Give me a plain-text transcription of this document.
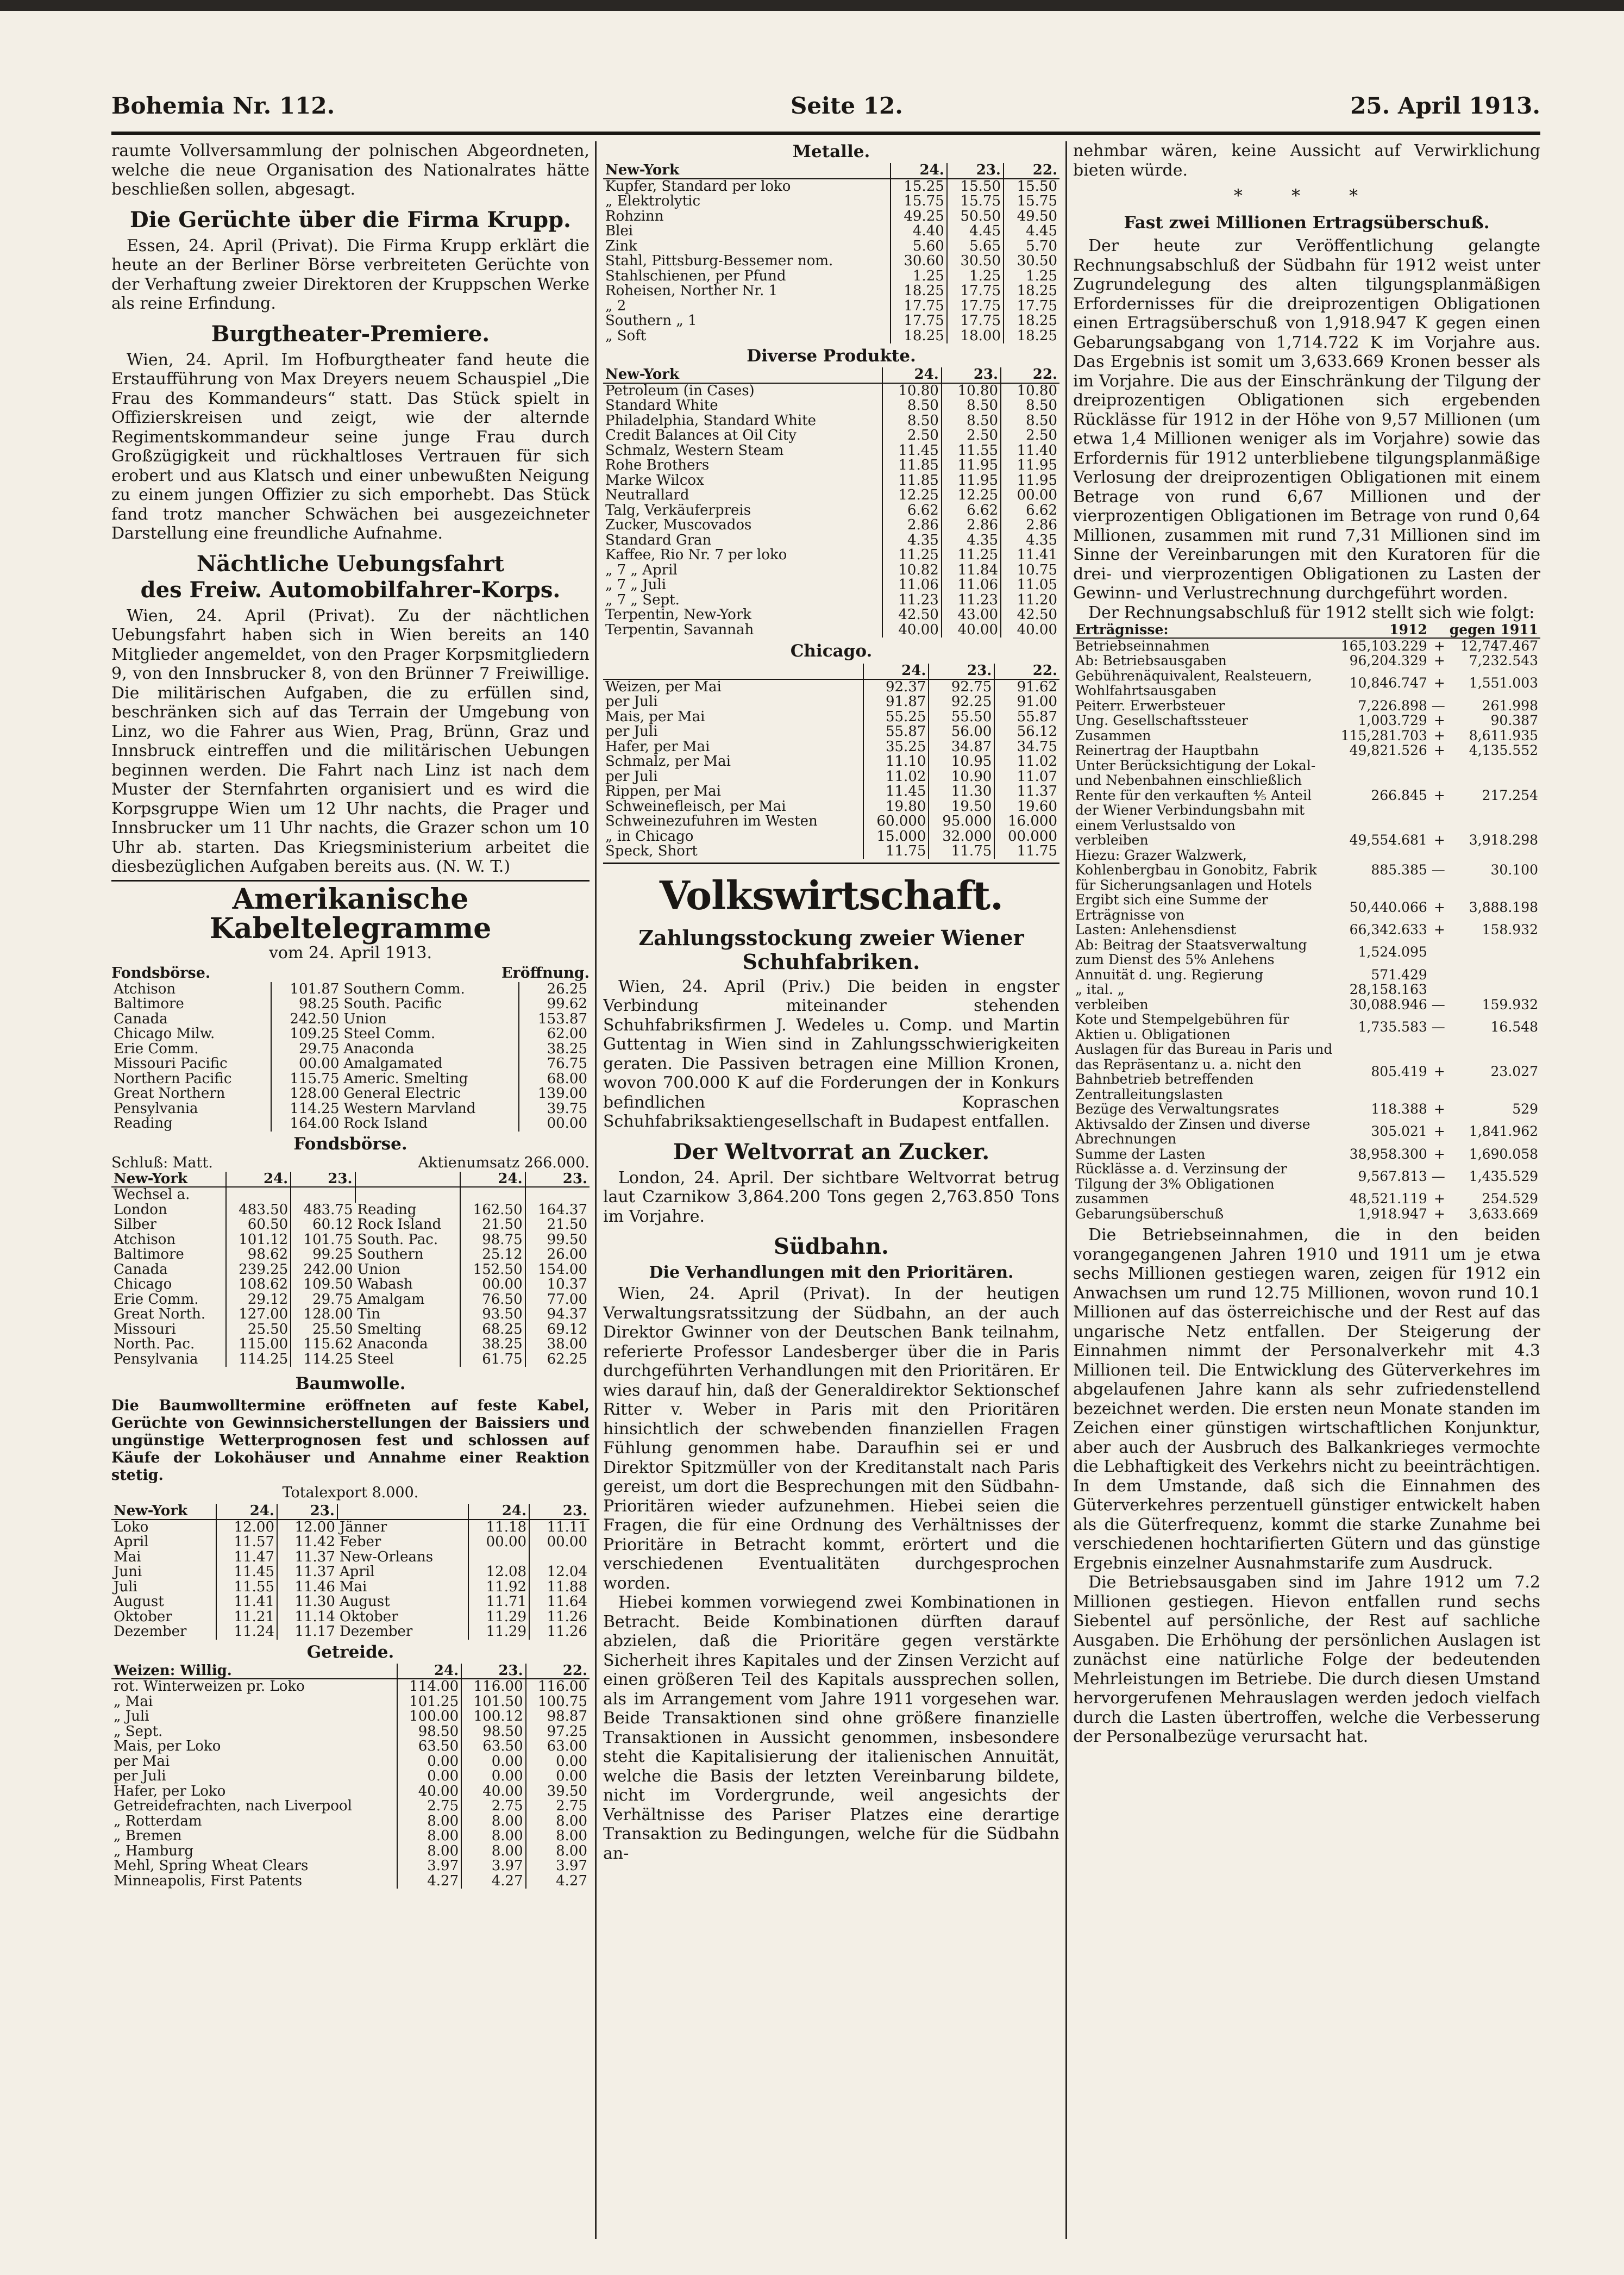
Bohemia Nr. 112.	Seite 12.	25. April 1913.

raumte Vollversammlung der polnischen Abgeordneten, welche die neue Organisation des Nationalrates hätte beschließen sollen, abgesagt.

Die Gerüchte über die Firma Krupp.

Essen, 24. April (Privat). Die Firma Krupp erklärt die heute an der Berliner Börse verbreiteten Gerüchte von der Verhaftung zweier Direktoren der Kruppschen Werke als reine Erfindung.

Burgtheater-Premiere.

Wien, 24. April. Im Hofburgtheater fand heute die Erstaufführung von Max Dreyers neuem Schauspiel „Die Frau des Kommandeurs“ statt. Das Stück spielt in Offizierskreisen und zeigt, wie der alternde Regimentskommandeur seine junge Frau durch Großzügigkeit und rückhaltloses Vertrauen für sich erobert und aus Klatsch und einer unbewußten Neigung zu einem jungen Offizier zu sich emporhebt. Das Stück fand trotz mancher Schwächen bei ausgezeichneter Darstellung eine freundliche Aufnahme.

Nächtliche Uebungsfahrt
des Freiw. Automobilfahrer-Korps.

Wien, 24. April (Privat). Zu der nächtlichen Uebungsfahrt haben sich in Wien bereits an 140 Mitglieder angemeldet, von den Prager Korpsmitgliedern 9, von den Innsbrucker 8, von den Brünner 7 Freiwillige. Die militärischen Aufgaben, die zu erfüllen sind, beschränken sich auf das Terrain der Umgebung von Linz, wo die Fahrer aus Wien, Prag, Brünn, Graz und Innsbruck eintreffen und die militärischen Uebungen beginnen werden. Die Fahrt nach Linz ist nach dem Muster der Sternfahrten organisiert und es wird die Korpsgruppe Wien um 12 Uhr nachts, die Prager und Innsbrucker um 11 Uhr nachts, die Grazer schon um 10 Uhr ab. starten. Das Kriegsministerium arbeitet die diesbezüglichen Aufgaben bereits aus. (N. W. T.)

Amerikanische Kabeltelegramme
vom 24. April 1913.
Fondsbörse.	Eröffnung.
Atchison	101.87	Southern Comm.	26.25
Baltimore	98.25	South. Pacific	99.62
Canada	242.50	Union	153.87
Chicago Milw.	109.25	Steel Comm.	62.00
Erie Comm.	29.75	Anaconda	38.25
Missouri Pacific	00.00	Amalgamated	76.75
Northern Pacific	115.75	Americ. Smelting	68.00
Great Northern	128.00	General Electric	139.00
Pensylvania	114.25	Western Marvland	39.75
Reading	164.00	Rock Island	00.00
Fondsbörse.
Schluß: Matt.	Aktienumsatz 266.000.
New-York	24.	23.		24.	23.
Wechsel a.					
London	483.50	483.75	Reading	162.50	164.37
Silber	60.50	60.12	Rock Island	21.50	21.50
Atchison	101.12	101.75	South. Pac.	98.75	99.50
Baltimore	98.62	99.25	Southern	25.12	26.00
Canada	239.25	242.00	Union	152.50	154.00
Chicago	108.62	109.50	Wabash	00.00	10.37
Erie Comm.	29.12	29.75	Amalgam	76.50	77.00
Great North.	127.00	128.00	Tin	93.50	94.37
Missouri	25.50	25.50	Smelting	68.25	69.12
North. Pac.	115.00	115.62	Anaconda	38.25	38.00
Pensylvania	114.25	114.25	Steel	61.75	62.25
Baumwolle.

Die Baumwolltermine eröffneten auf feste Kabel, Gerüchte von Gewinnsicherstellungen der Baissiers und ungünstige Wetterprognosen fest und schlossen auf Käufe der Lokohäuser und Annahme einer Reaktion stetig.

Totalexport 8.000.
New-York	24.	23.		24.	23.
Loko	12.00	12.00	Jänner	11.18	11.11
April	11.57	11.42	Feber	00.00	00.00
Mai	11.47	11.37	New-Orleans		
Juni	11.45	11.37	April	12.08	12.04
Juli	11.55	11.46	Mai	11.92	11.88
August	11.41	11.30	August	11.71	11.64
Oktober	11.21	11.14	Oktober	11.29	11.26
Dezember	11.24	11.17	Dezember	11.29	11.26
Getreide.
Weizen: Willig.	24.	23.	22.
rot. Winterweizen pr. Loko	114.00	116.00	116.00
„ Mai	101.25	101.50	100.75
„ Juli	100.00	100.12	98.87
„ Sept.	98.50	98.50	97.25
Mais, per Loko	63.50	63.50	63.00
per Mai	0.00	0.00	0.00
per Juli	0.00	0.00	0.00
Hafer, per Loko	40.00	40.00	39.50
Getreidefrachten, nach Liverpool	2.75	2.75	2.75
„ Rotterdam	8.00	8.00	8.00
„ Bremen	8.00	8.00	8.00
„ Hamburg	8.00	8.00	8.00
Mehl, Spring Wheat Clears	3.97	3.97	3.97
Minneapolis, First Patents	4.27	4.27	4.27
Metalle.
New-York	24.	23.	22.
Kupfer, Standard per loko	15.25	15.50	15.50
„ Elektrolytic	15.75	15.75	15.75
Rohzinn	49.25	50.50	49.50
Blei	4.40	4.45	4.45
Zink	5.60	5.65	5.70
Stahl, Pittsburg-Bessemer nom.	30.60	30.50	30.50
Stahlschienen, per Pfund	1.25	1.25	1.25
Roheisen, Norther Nr. 1	18.25	17.75	18.25
„ 2	17.75	17.75	17.75
Southern „ 1	17.75	17.75	18.25
„ Soft	18.25	18.00	18.25
Diverse Produkte.
New-York	24.	23.	22.
Petroleum (in Cases)	10.80	10.80	10.80
Standard White	8.50	8.50	8.50
Philadelphia, Standard White	8.50	8.50	8.50
Credit Balances at Oil City	2.50	2.50	2.50
Schmalz, Western Steam	11.45	11.55	11.40
Rohe Brothers	11.85	11.95	11.95
Marke Wilcox	11.85	11.95	11.95
Neutrallard	12.25	12.25	00.00
Talg, Verkäuferpreis	6.62	6.62	6.62
Zucker, Muscovados	2.86	2.86	2.86
Standard Gran	4.35	4.35	4.35
Kaffee, Rio Nr. 7 per loko	11.25	11.25	11.41
„ 7 „ April	10.82	11.84	10.75
„ 7 „ Juli	11.06	11.06	11.05
„ 7 „ Sept.	11.23	11.23	11.20
Terpentin, New-York	42.50	43.00	42.50
Terpentin, Savannah	40.00	40.00	40.00
Chicago.
	24.	23.	22.
Weizen, per Mai	92.37	92.75	91.62
per Juli	91.87	92.25	91.00
Mais, per Mai	55.25	55.50	55.87
per Juli	55.87	56.00	56.12
Hafer, per Mai	35.25	34.87	34.75
Schmalz, per Mai	11.10	10.95	11.02
per Juli	11.02	10.90	11.07
Rippen, per Mai	11.45	11.30	11.37
Schweinefleisch, per Mai	19.80	19.50	19.60
Schweinezufuhren im Westen	60.000	95.000	16.000
„ in Chicago	15.000	32.000	00.000
Speck, Short	11.75	11.75	11.75
Volkswirtschaft.
Zahlungsstockung zweier Wiener Schuhfabriken.

Wien, 24. April (Priv.) Die beiden in engster Verbindung miteinander stehenden Schuhfabriksfirmen J. Wedeles u. Comp. und Martin Guttentag in Wien sind in Zahlungsschwierigkeiten geraten. Die Passiven betragen eine Million Kronen, wovon 700.000 K auf die Forderungen der in Konkurs befindlichen Kopraschen Schuhfabriksaktiengesellschaft in Budapest entfallen.

Der Weltvorrat an Zucker.

London, 24. April. Der sichtbare Weltvorrat betrug laut Czarnikow 3,864.200 Tons gegen 2,763.850 Tons im Vorjahre.

Südbahn.
Die Verhandlungen mit den Prioritären.

Wien, 24. April (Privat). In der heutigen Verwaltungsratssitzung der Südbahn, an der auch Direktor Gwinner von der Deutschen Bank teilnahm, referierte Professor Landesberger über die in Paris durchgeführten Verhandlungen mit den Prioritären. Er wies darauf hin, daß der Generaldirektor Sektionschef Ritter v. Weber in Paris mit den Prioritären hinsichtlich der schwebenden finanziellen Fragen Fühlung genommen habe. Daraufhin sei er und Direktor Spitzmüller von der Kreditanstalt nach Paris gereist, um dort die Besprechungen mit den Südbahn-Prioritären wieder aufzunehmen. Hiebei seien die Fragen, die für eine Ordnung des Verhältnisses der Prioritäre in Betracht kommt, erörtert und die verschiedenen Eventualitäten durchgesprochen worden.

Hiebei kommen vorwiegend zwei Kombinationen in Betracht. Beide Kombinationen dürften darauf abzielen, daß die Prioritäre gegen verstärkte Sicherheit ihres Kapitales und der Zinsen Verzicht auf einen größeren Teil des Kapitals aussprechen sollen, als im Arrangement vom Jahre 1911 vorgesehen war. Beide Transaktionen sind ohne größere finanzielle Transaktionen in Aussicht genommen, insbesondere steht die Kapitalisierung der italienischen Annuität, welche die Basis der letzten Vereinbarung bildete, nicht im Vordergrunde, weil angesichts der Verhältnisse des Pariser Platzes eine derartige Transaktion zu Bedingungen, welche für die Südbahn an-

nehmbar wären, keine Aussicht auf Verwirklichung bieten würde.

* * *
Fast zwei Millionen Ertragsüberschuß.

Der heute zur Veröffentlichung gelangte Rechnungsabschluß der Südbahn für 1912 weist unter Zugrundelegung des alten tilgungsplanmäßigen Erfordernisses für die dreiprozentigen Obligationen einen Ertragsüberschuß von 1,918.947 K gegen einen Gebarungsabgang von 1,714.722 K im Vorjahre aus. Das Ergebnis ist somit um 3,633.669 Kronen besser als im Vorjahre. Die aus der Einschränkung der Tilgung der dreiprozentigen Obligationen sich ergebenden Rücklässe für 1912 in der Höhe von 9,57 Millionen (um etwa 1,4 Millionen weniger als im Vorjahre) sowie das Erfordernis für 1912 unterbliebene tilgungsplanmäßige Verlosung der dreiprozentigen Obligationen mit einem Betrage von rund 6,67 Millionen und der vierprozentigen Obligationen im Betrage von rund 0,64 Millionen, zusammen mit rund 7,31 Millionen sind im Sinne der Vereinbarungen mit den Kuratoren für die drei- und vierprozentigen Obligationen zu Lasten der Gewinn- und Verlustrechnung durchgeführt worden.

Der Rechnungsabschluß für 1912 stellt sich wie folgt:

Erträgnisse:	1912		gegen 1911
Betriebseinnahmen	165,103.229	+	12,747.467
Ab: Betriebsausgaben	96,204.329	+	7,232.543
Gebührenäquivalent, Realsteuern, Wohlfahrtsausgaben	10,846.747	+	1,551.003
Peiterr. Erwerbsteuer	7,226.898	—	261.998
Ung. Gesellschaftssteuer	1,003.729	+	90.387
Zusammen	115,281.703	+	8,611.935
Reinertrag der Hauptbahn	49,821.526	+	4,135.552
Unter Berücksichtigung der Lokal- und Nebenbahnen einschließlich Rente für den verkauften ⅘ Anteil der Wiener Verbindungsbahn mit einem Verlustsaldo von	266.845	+	217.254
verbleiben	49,554.681	+	3,918.298
Hiezu: Grazer Walzwerk, Kohlenbergbau in Gonobitz, Fabrik für Sicherungsanlagen und Hotels	885.385	—	30.100
Ergibt sich eine Summe der Erträgnisse von	50,440.066	+	3,888.198
Lasten: Anlehensdienst	66,342.633	+	158.932
Ab: Beitrag der Staatsverwaltung zum Dienst des 5% Anlehens	1,524.095		
Annuität d. ung. Regierung	571.429		
„ ital. „	28,158.163		
verbleiben	30,088.946	—	159.932
Kote und Stempelgebühren für Aktien u. Obligationen	1,735.583	—	16.548
Auslagen für das Bureau in Paris und das Repräsentanz u. a. nicht den Bahnbetrieb betreffenden Zentralleitungslasten	805.419	+	23.027
Bezüge des Verwaltungsrates	118.388	+	529
Aktivsaldo der Zinsen und diverse Abrechnungen	305.021	+	1,841.962
Summe der Lasten	38,958.300	+	1,690.058
Rücklässe a. d. Verzinsung der Tilgung der 3% Obligationen	9,567.813	—	1,435.529
zusammen	48,521.119	+	254.529
Gebarungsüberschuß	1,918.947	+	3,633.669

Die Betriebseinnahmen, die in den beiden vorangegangenen Jahren 1910 und 1911 um je etwa sechs Millionen gestiegen waren, zeigen für 1912 ein Anwachsen um rund 12.75 Millionen, wovon rund 10.1 Millionen auf das österreichische und der Rest auf das ungarische Netz entfallen. Der Steigerung der Einnahmen nimmt der Personalverkehr mit 4.3 Millionen teil. Die Entwicklung des Güterverkehres im abgelaufenen Jahre kann als sehr zufriedenstellend bezeichnet werden. Die ersten neun Monate standen im Zeichen einer günstigen wirtschaftlichen Konjunktur, aber auch der Ausbruch des Balkankrieges vermochte die Lebhaftigkeit des Verkehrs nicht zu beeinträchtigen. In dem Umstande, daß sich die Einnahmen des Güterverkehres perzentuell günstiger entwickelt haben als die Güterfrequenz, kommt die starke Zunahme bei verschiedenen hochtarifierten Gütern und das günstige Ergebnis einzelner Ausnahmstarife zum Ausdruck.

Die Betriebsausgaben sind im Jahre 1912 um 7.2 Millionen gestiegen. Hievon entfallen rund sechs Siebentel auf persönliche, der Rest auf sachliche Ausgaben. Die Erhöhung der persönlichen Auslagen ist zunächst eine natürliche Folge der bedeutenden Mehrleistungen im Betriebe. Die durch diesen Umstand hervorgerufenen Mehrauslagen werden jedoch vielfach durch die Lasten übertroffen, welche die Verbesserung der Personalbezüge verursacht hat.
